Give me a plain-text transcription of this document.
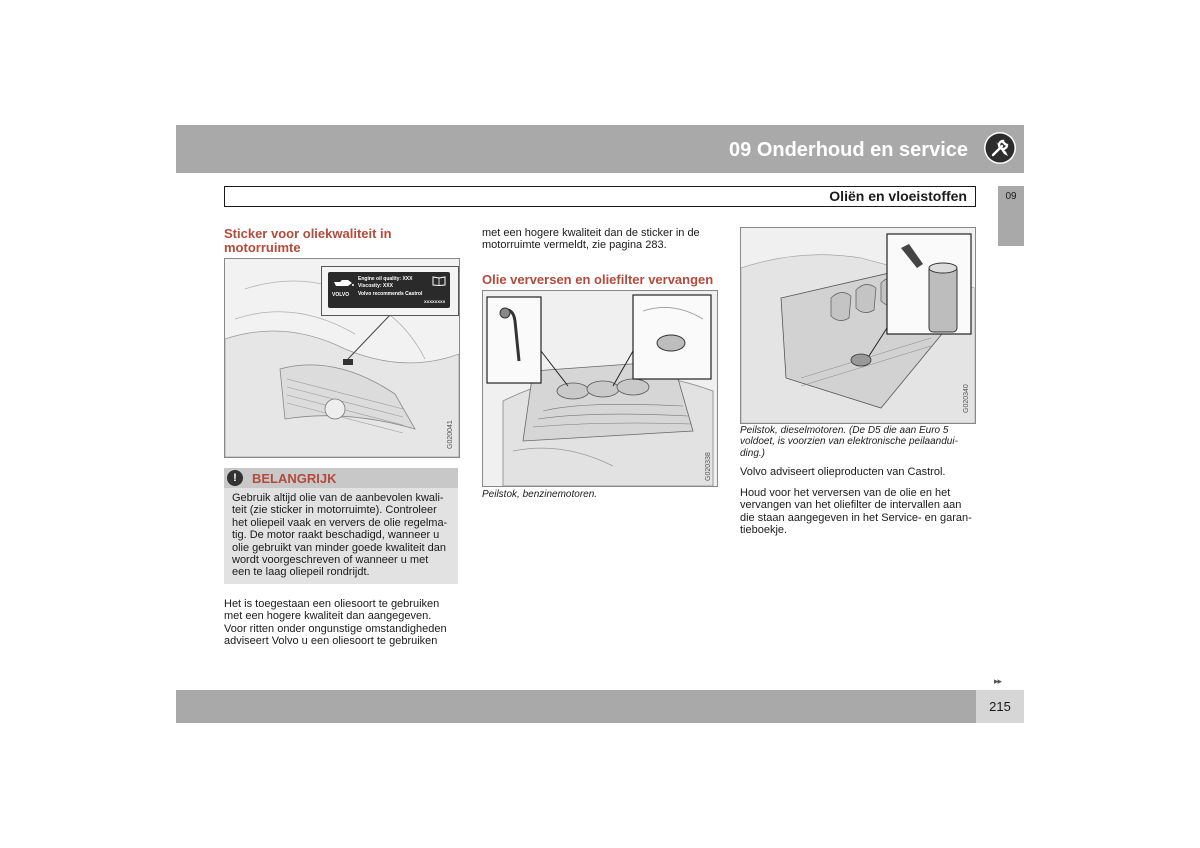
09 Onderhoud en service
Oliën en vloeistoffen	09
Sticker voor oliekwaliteit in
motorruimte
Engine oil quality: XXX
Viscosity: XXX
VOLVO Volvo recommends Castrol
XXXXXXXX
G020041
!	BELANGRIJK
Gebruik altijd olie van de aanbevolen kwali-
teit (zie sticker in motorruimte). Controleer
het oliepeil vaak en ververs de olie regelma-
tig. De motor raakt beschadigd, wanneer u
olie gebruikt van minder goede kwaliteit dan
wordt voorgeschreven of wanneer u met
een te laag oliepeil rondrijdt.
Het is toegestaan een oliesoort te gebruiken
met een hogere kwaliteit dan aangegeven.
Voor ritten onder ongunstige omstandigheden
adviseert Volvo u een oliesoort te gebruiken
met een hogere kwaliteit dan de sticker in de
motorruimte vermeldt, zie pagina 283.
Olie verversen en oliefilter vervangen
G020338
Peilstok, benzinemotoren.
G020340
Peilstok, dieselmotoren. (De D5 die aan Euro 5
voldoet, is voorzien van elektronische peilaandui-
ding.)
Volvo adviseert olieproducten van Castrol.
Houd voor het verversen van de olie en het
vervangen van het oliefilter de intervallen aan
die staan aangegeven in het Service- en garan-
tieboekje.
▸▸
215
